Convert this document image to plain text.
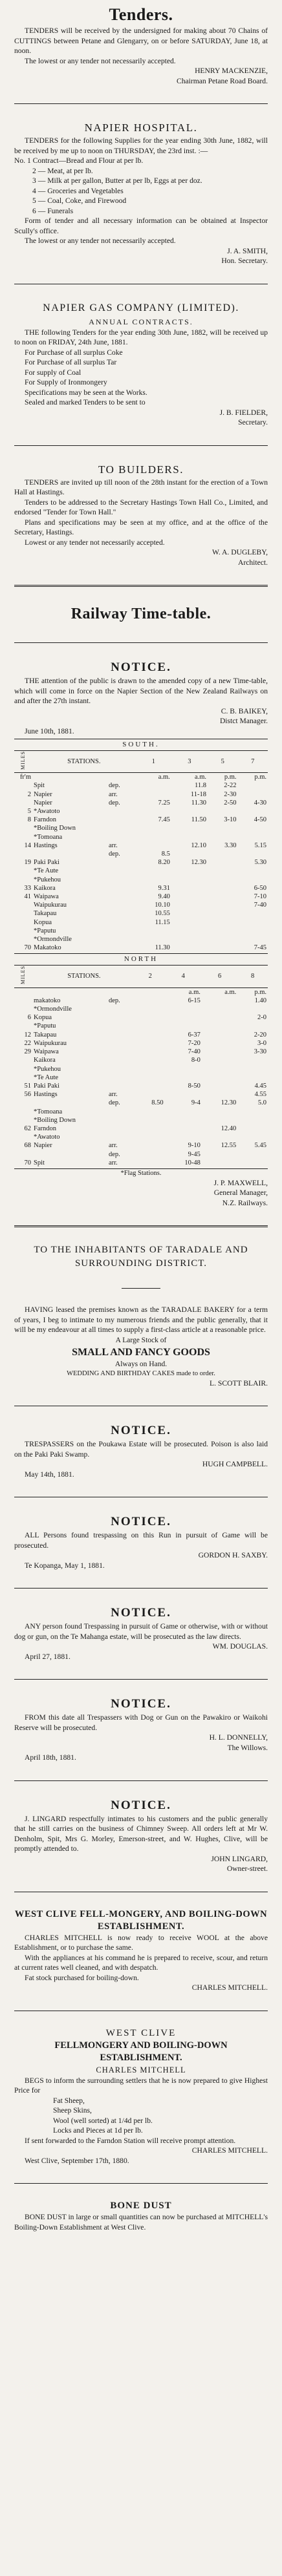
Tenders.

TENDERS will be received by the undersigned for making about 70 Chains of CUTTINGS between Petane and Glengarry, on or before SATURDAY, June 18, at noon.

The lowest or any tender not necessarily accepted.

HENRY MACKENZIE,
Chairman Petane Road Board.
NAPIER HOSPITAL.

TENDERS for the following Supplies for the year ending 30th June, 1882, will be received by me up to noon on THURSDAY, the 23rd inst. :—

No. 1 Contract—Bread and Flour at per lb.

2 — Meat, at per lb.

3 — Milk at per gallon, Butter at per lb, Eggs at per doz.

4 — Groceries and Vegetables

5 — Coal, Coke, and Firewood

6 — Funerals

Form of tender and all necessary information can be obtained at Inspector Scully's office.

The lowest or any tender not necessarily accepted.

J. A. SMITH,
Hon. Secretary.
NAPIER GAS COMPANY (LIMITED).
ANNUAL CONTRACTS.

THE following Tenders for the year ending 30th June, 1882, will be received up to noon on FRIDAY, 24th June, 1881.

For Purchase of all surplus Coke

For Purchase of all surplus Tar

For supply of Coal

For Supply of Ironmongery

Specifications may be seen at the Works.

Sealed and marked Tenders to be sent to

J. B. FIELDER,
Secretary.
TO BUILDERS.

TENDERS are invited up till noon of the 28th instant for the erection of a Town Hall at Hastings.

Tenders to be addressed to the Secretary Hastings Town Hall Co., Limited, and endorsed "Tender for Town Hall."

Plans and specifications may be seen at my office, and at the office of the Secretary, Hastings.

Lowest or any tender not necessarily accepted.

W. A. DUGLEBY,
Architect.
Railway Time-table.
NOTICE.

THE attention of the public is drawn to the amended copy of a new Time-table, which will come in force on the Napier Section of the New Zealand Railways on and after the 27th instant.

C. B. BAIKEY,
Distct Manager.
June 10th, 1881.
SOUTH.
MILES	STATIONS.		1	3	5	7
fr'm			a.m.	a.m.	p.m.	p.m.
	Spit	dep.		11.8	2-22	
2	Napier	arr.		11-18	2-30	
	Napier	dep.	7.25	11.30	2-50	4-30
5	*Awatoto					
8	Farndon		7.45	11.50	3-10	4-50
	*Boiling Down					
	*Tomoana					
14	Hastings	arr.		12.10	3.30	5.15
		dep.	8.5			
19	Paki Paki		8.20	12.30		5.30
	*Te Aute					
	*Pukehou					
33	Kaikora		9.31			6-50
41	Waipawa		9.40			7-10
	Waipukurau		10.10			7-40
	Takapau		10.55			
	Kopua		11.15			
	*Paputu					
	*Ormondville					
70	Makatoko		11.30			7-45
NORTH
MILES	STATIONS.		2	4	6	8
				a.m.	a.m.	p.m.
	makatoko	dep.		6-15		1.40
	*Ormondville					
6	Kopua					2-0
	*Paputu					
12	Takapau			6-37		2-20
22	Waipukurau			7-20		3-0
29	Waipawa			7-40		3-30
	Kaikora			8-0		
	*Pukehou					
	*Te Aute					
51	Paki Paki			8-50		4.45
56	Hastings	arr.				4.55
		dep.	8.50	9-4	12.30	5.0
	*Tomoana					
	*Boiling Down					
62	Farndon				12.40	
	*Awatoto					
68	Napier	arr.		9-10	12.55	5.45
		dep.		9-45		
70	Spit	arr.		10-48		
*Flag Stations.
J. P. MAXWELL,
General Manager,
N.Z. Railways.
TO THE INHABITANTS OF TARADALE AND SURROUNDING DISTRICT.

HAVING leased the premises known as the TARADALE BAKERY for a term of years, I beg to intimate to my numerous friends and the public generally, that it will be my endeavour at all times to supply a first-class article at a reasonable price.

A Large Stock of
SMALL AND FANCY GOODS
Always on Hand.
WEDDING AND BIRTHDAY CAKES made to order.
L. SCOTT BLAIR.
NOTICE.

TRESPASSERS on the Poukawa Estate will be prosecuted. Poison is also laid on the Paki Paki Swamp.

HUGH CAMPBELL.
May 14th, 1881.
NOTICE.

ALL Persons found trespassing on this Run in pursuit of Game will be prosecuted.

GORDON H. SAXBY.
Te Kopanga, May 1, 1881.
NOTICE.

ANY person found Trespassing in pursuit of Game or otherwise, with or without dog or gun, on the Te Mahanga estate, will be prosecuted as the law directs.

WM. DOUGLAS.
April 27, 1881.
NOTICE.

FROM this date all Trespassers with Dog or Gun on the Pawakiro or Waikohi Reserve will be prosecuted.

H. L. DONNELLY,
The Willows.
April 18th, 1881.
NOTICE.

J. LINGARD respectfully intimates to his customers and the public generally that he still carries on the business of Chimney Sweep. All orders left at Mr W. Denholm, Spit, Mrs G. Morley, Emerson-street, and W. Hughes, Clive, will be promptly attended to.

JOHN LINGARD,
Owner-street.
WEST CLIVE FELL-MONGERY, AND BOILING-DOWN ESTABLISHMENT.

CHARLES MITCHELL is now ready to receive WOOL at the above Establishment, or to purchase the same.

With the appliances at his command he is prepared to receive, scour, and return at current rates well cleaned, and with despatch.

Fat stock purchased for boiling-down.

CHARLES MITCHELL.
WEST CLIVE
FELLMONGERY AND BOILING-DOWN ESTABLISHMENT.
CHARLES MITCHELL

BEGS to inform the surrounding settlers that he is now prepared to give Highest Price for

Fat Sheep,

Sheep Skins,

Wool (well sorted) at 1/4d per lb.

Locks and Pieces at 1d per lb.

If sent forwarded to the Farndon Station will receive prompt attention.

CHARLES MITCHELL.
West Clive, September 17th, 1880.
BONE DUST

BONE DUST in large or small quantities can now be purchased at MITCHELL's Boiling-Down Establishment at West Clive.
